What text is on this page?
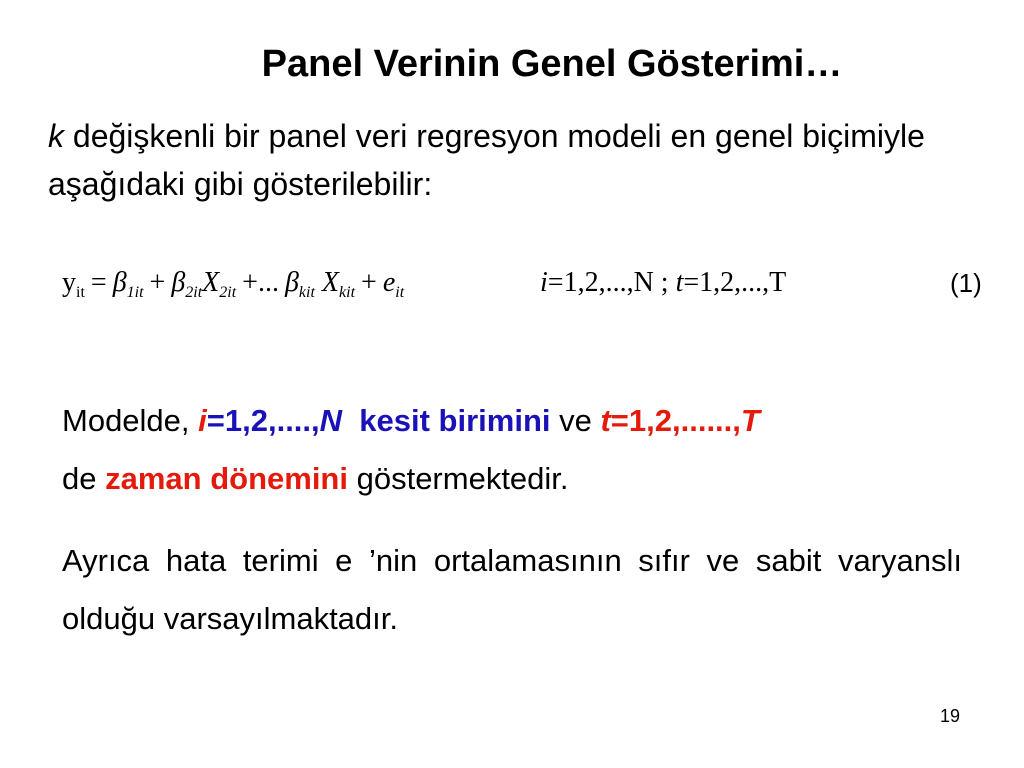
Panel Verinin Genel Gösterimi…
k değişkenli bir panel veri regresyon modeli en genel biçimiyle aşağıdaki gibi gösterilebilir:
$y_{it} = \beta_{1it} + \beta_{2it}X_{2it}$ +... $\beta_{kit}$ $X_{kit} + e_{it}$	i=1,2,...,N ; t=1,2,...,T	(1)
Modelde, i=1,2,....,N kesit birimini ve t=1,2,......,T
de zaman dönemini göstermektedir.
Ayrıca hata terimi e ’nin ortalamasının sıfır ve sabit varyanslı olduğu varsayılmaktadır.
19
